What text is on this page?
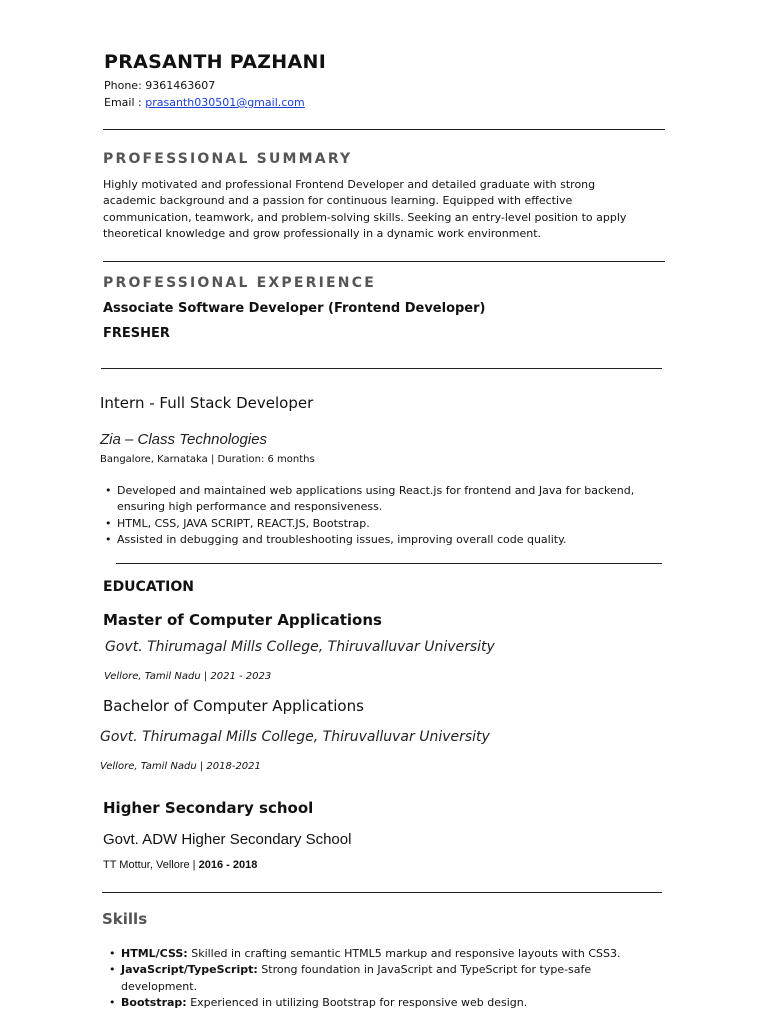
PRASANTH PAZHANI
Phone: 9361463607
Email : prasanth030501@gmail.com
PROFESSIONAL SUMMARY
Highly motivated and professional Frontend Developer and detailed graduate with strong academic background and a passion for continuous learning. Equipped with effective communication, teamwork, and problem-solving skills. Seeking an entry-level position to apply theoretical knowledge and grow professionally in a dynamic work environment.
PROFESSIONAL EXPERIENCE
Associate Software Developer (Frontend Developer)
FRESHER
Intern - Full Stack Developer
Zia – Class Technologies
Bangalore, Karnataka | Duration: 6 months
• Developed and maintained web applications using React.js for frontend and Java for backend, ensuring high performance and responsiveness.
• HTML, CSS, JAVA SCRIPT, REACT.JS, Bootstrap.
• Assisted in debugging and troubleshooting issues, improving overall code quality.
EDUCATION
Master of Computer Applications
Govt. Thirumagal Mills College, Thiruvalluvar University
Vellore, Tamil Nadu | 2021 - 2023
Bachelor of Computer Applications
Govt. Thirumagal Mills College, Thiruvalluvar University
Vellore, Tamil Nadu | 2018-2021
Higher Secondary school
Govt. ADW Higher Secondary School
TT Mottur, Vellore | 2016 - 2018
Skills
• HTML/CSS: Skilled in crafting semantic HTML5 markup and responsive layouts with CSS3.
• JavaScript/TypeScript: Strong foundation in JavaScript and TypeScript for type-safe development.
• Bootstrap: Experienced in utilizing Bootstrap for responsive web design.
